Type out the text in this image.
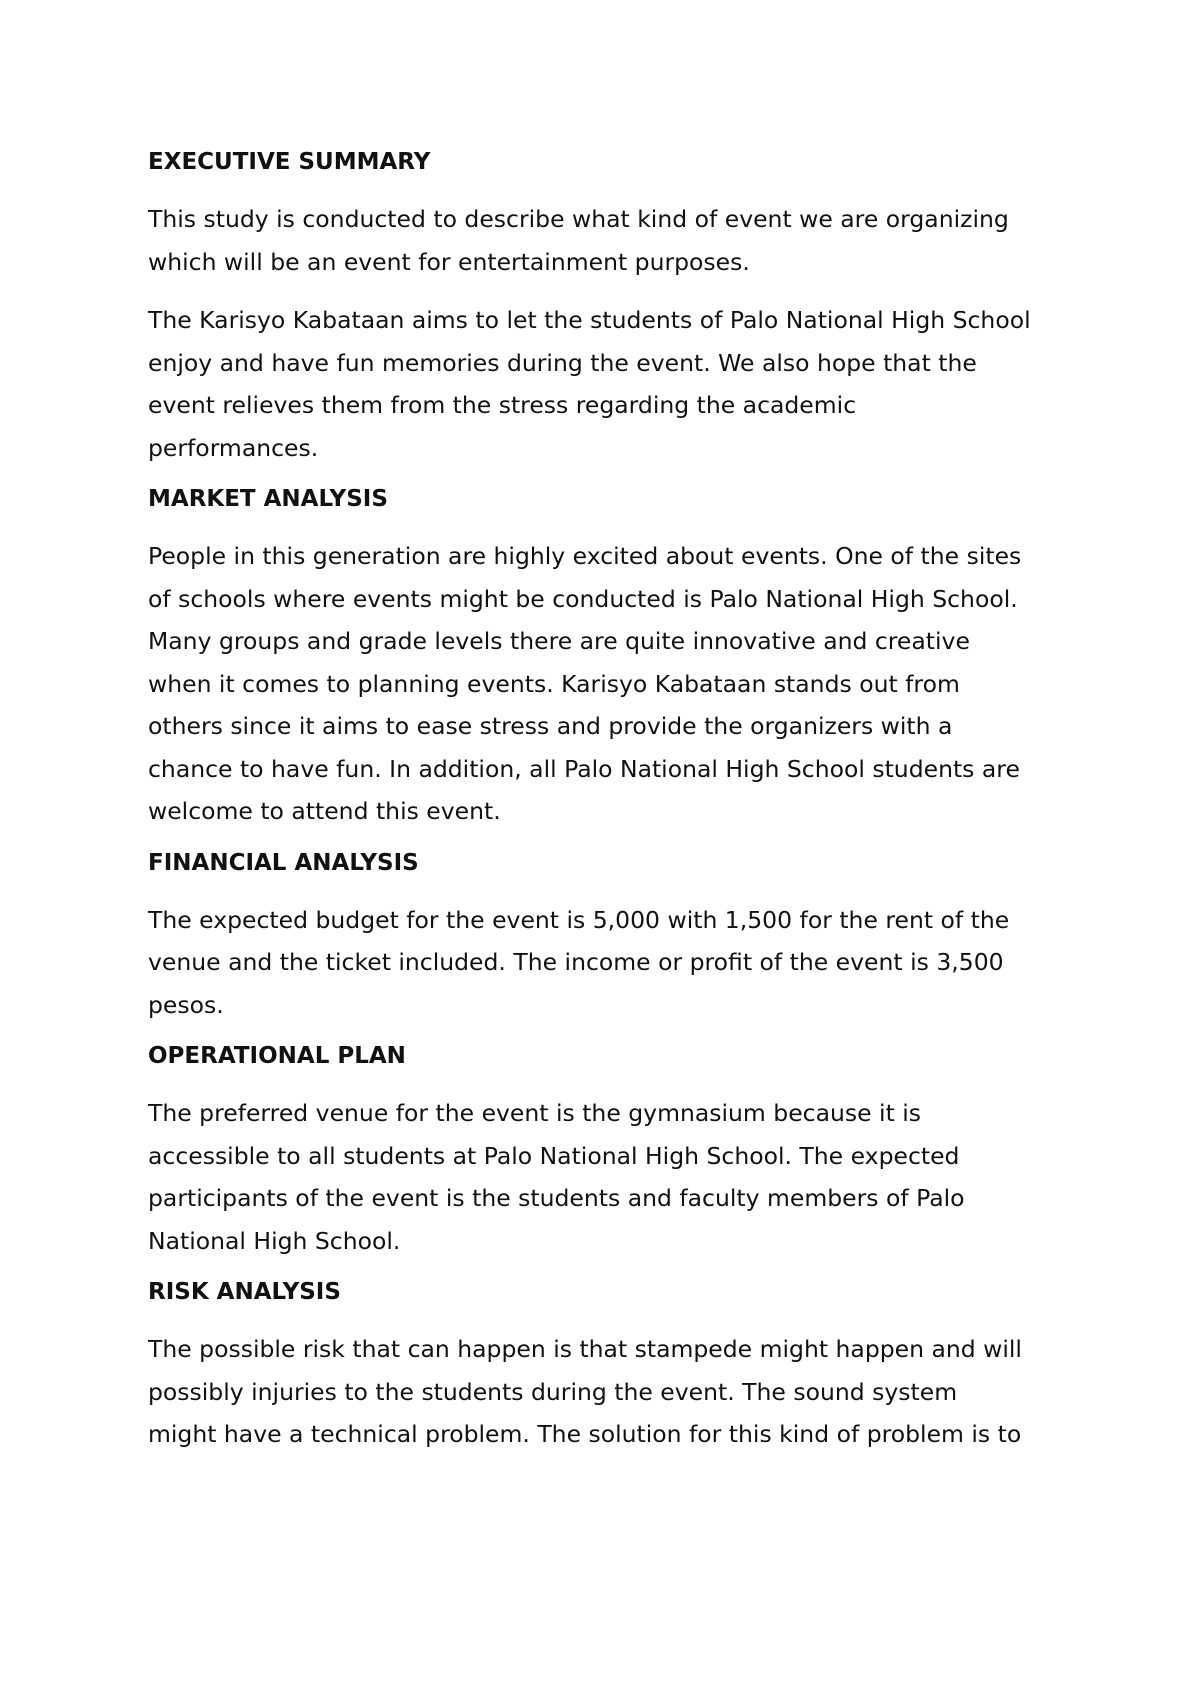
EXECUTIVE SUMMARY

This study is conducted to describe what kind of event we are organizing
which will be an event for entertainment purposes.

The Karisyo Kabataan aims to let the students of Palo National High School
enjoy and have fun memories during the event. We also hope that the
event relieves them from the stress regarding the academic
performances.

MARKET ANALYSIS

People in this generation are highly excited about events. One of the sites
of schools where events might be conducted is Palo National High School.
Many groups and grade levels there are quite innovative and creative
when it comes to planning events. Karisyo Kabataan stands out from
others since it aims to ease stress and provide the organizers with a
chance to have fun. In addition, all Palo National High School students are
welcome to attend this event.

FINANCIAL ANALYSIS

The expected budget for the event is 5,000 with 1,500 for the rent of the
venue and the ticket included. The income or profit of the event is 3,500
pesos.

OPERATIONAL PLAN

The preferred venue for the event is the gymnasium because it is
accessible to all students at Palo National High School. The expected
participants of the event is the students and faculty members of Palo
National High School.

RISK ANALYSIS

The possible risk that can happen is that stampede might happen and will
possibly injuries to the students during the event. The sound system
might have a technical problem. The solution for this kind of problem is to
